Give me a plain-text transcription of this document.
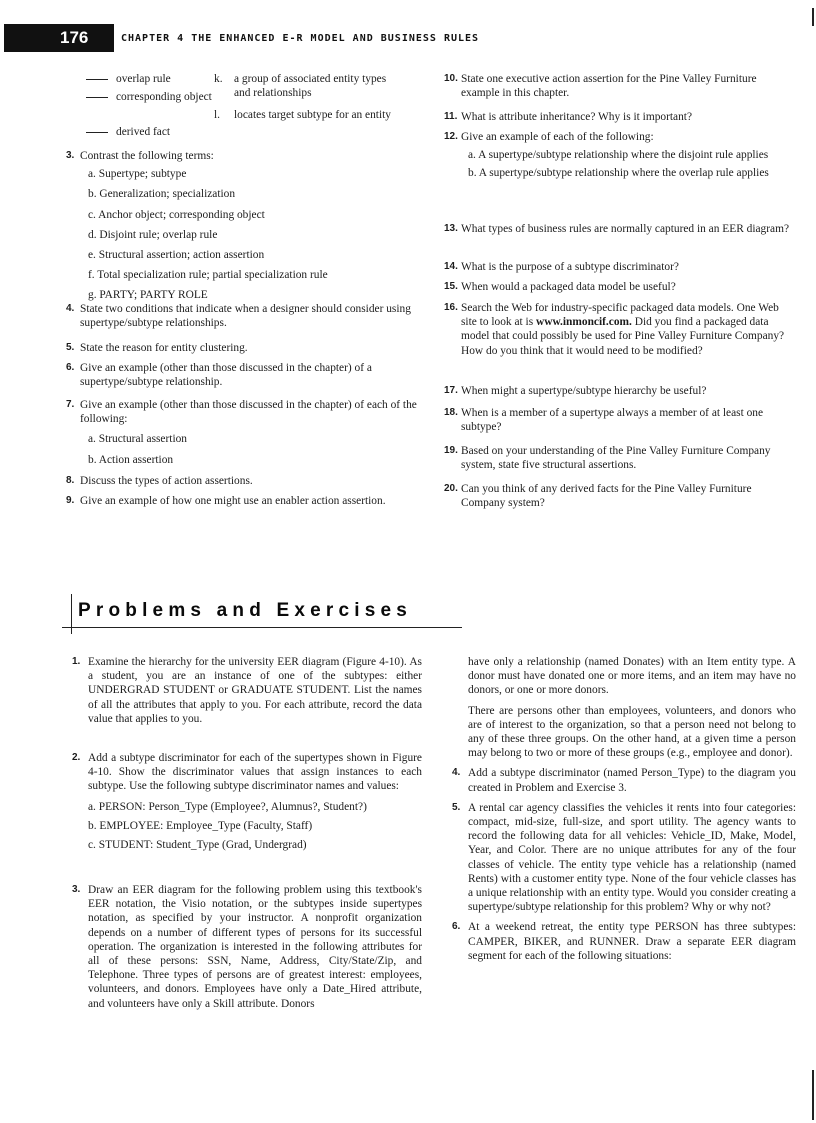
176	CHAPTER 4 THE ENHANCED E-R MODEL AND BUSINESS RULES
overlap rule
corresponding object
derived fact
k. a group of associated entity types and relationships
l. locates target subtype for an entity
3. Contrast the following terms:

a. Supertype; subtype

b. Generalization; specialization

c. Anchor object; corresponding object

d. Disjoint rule; overlap rule

e. Structural assertion; action assertion

f. Total specialization rule; partial specialization rule

g. PARTY; PARTY ROLE

4. State two conditions that indicate when a designer should consider using supertype/subtype relationships.

5. State the reason for entity clustering.

6. Give an example (other than those discussed in the chapter) of a supertype/subtype relationship.

7. Give an example (other than those discussed in the chapter) of each of the following:

a. Structural assertion

b. Action assertion

8. Discuss the types of action assertions.

9. Give an example of how one might use an enabler action assertion.

10. State one executive action assertion for the Pine Valley Furniture example in this chapter.

11. What is attribute inheritance? Why is it important?

12. Give an example of each of the following:

a. A supertype/subtype relationship where the disjoint rule applies

b. A supertype/subtype relationship where the overlap rule applies

13. What types of business rules are normally captured in an EER diagram?

14. What is the purpose of a subtype discriminator?

15. When would a packaged data model be useful?

16. Search the Web for industry-specific packaged data models. One Web site to look at is www.inmoncif.com. Did you find a packaged data model that could possibly be used for Pine Valley Furniture Company? How do you think that it would need to be modified?

17. When might a supertype/subtype hierarchy be useful?

18. When is a member of a supertype always a member of at least one subtype?

19. Based on your understanding of the Pine Valley Furniture Company system, state five structural assertions.

20. Can you think of any derived facts for the Pine Valley Furniture Company system?

Problems and Exercises
1. Examine the hierarchy for the university EER diagram (Figure 4-10). As a student, you are an instance of one of the subtypes: either UNDERGRAD STUDENT or GRADUATE STUDENT. List the names of all the attributes that apply to you. For each attribute, record the data value that applies to you.

2. Add a subtype discriminator for each of the supertypes shown in Figure 4-10. Show the discriminator values that assign instances to each subtype. Use the following subtype discriminator names and values:

a. PERSON: Person_Type (Employee?, Alumnus?, Student?)

b. EMPLOYEE: Employee_Type (Faculty, Staff)

c. STUDENT: Student_Type (Grad, Undergrad)

3. Draw an EER diagram for the following problem using this textbook's EER notation, the Visio notation, or the subtypes inside supertypes notation, as specified by your instructor. A nonprofit organization depends on a number of different types of persons for its successful operation. The organization is interested in the following attributes for all of these persons: SSN, Name, Address, City/State/Zip, and Telephone. Three types of persons are of greatest interest: employees, volunteers, and donors. Employees have only a Date_Hired attribute, and volunteers have only a Skill attribute. Donors

have only a relationship (named Donates) with an Item entity type. A donor must have donated one or more items, and an item may have no donors, or one or more donors.

There are persons other than employees, volunteers, and donors who are of interest to the organization, so that a person need not belong to any of these three groups. On the other hand, at a given time a person may belong to two or more of these groups (e.g., employee and donor).

4. Add a subtype discriminator (named Person_Type) to the diagram you created in Problem and Exercise 3.

5. A rental car agency classifies the vehicles it rents into four categories: compact, mid-size, full-size, and sport utility. The agency wants to record the following data for all vehicles: Vehicle_ID, Make, Model, Year, and Color. There are no unique attributes for any of the four classes of vehicle. The entity type vehicle has a relationship (named Rents) with a customer entity type. None of the four vehicle classes has a unique relationship with an entity type. Would you consider creating a supertype/subtype relationship for this problem? Why or why not?

6. At a weekend retreat, the entity type PERSON has three subtypes: CAMPER, BIKER, and RUNNER. Draw a separate EER diagram segment for each of the following situations:
